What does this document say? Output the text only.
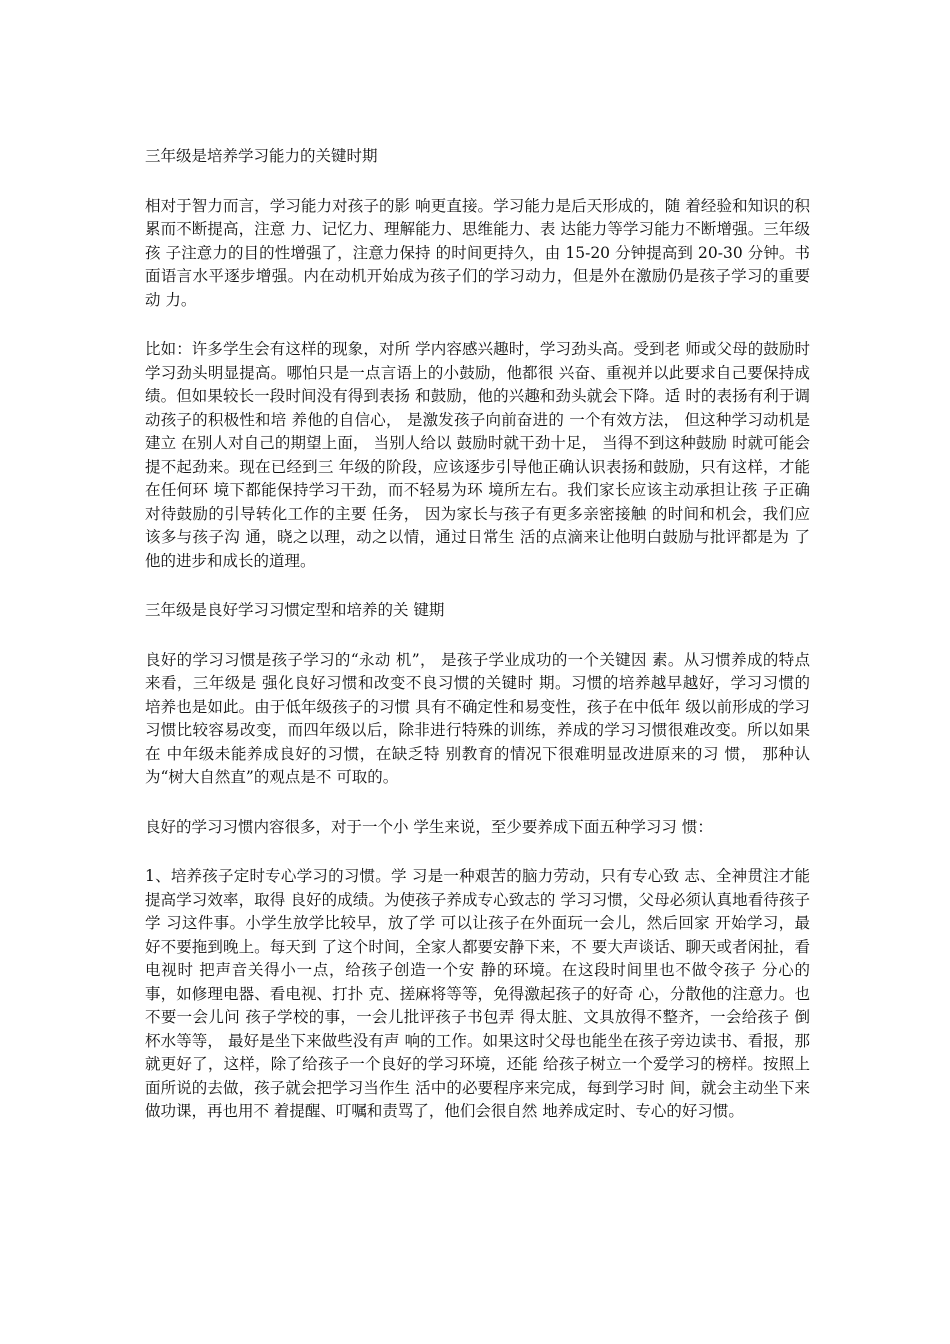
三年级是培养学习能力的关键时期

相对于智力而言，学习能力对孩子的影 响更直接。学习能力是后天形成的，随 着经验和知识的积累而不断提高，注意 力、记忆力、理解能力、思维能力、表 达能力等学习能力不断增强。三年级孩 子注意力的目的性增强了，注意力保持 的时间更持久，由 15-20 分钟提高到 20-30 分钟。书面语言水平逐步增强。内在动机开始成为孩子们的学习动力，但是外在激励仍是孩子学习的重要动 力。

比如：许多学生会有这样的现象，对所 学内容感兴趣时，学习劲头高。受到老 师或父母的鼓励时学习劲头明显提高。哪怕只是一点言语上的小鼓励，他都很 兴奋、重视并以此要求自己要保持成 绩。但如果较长一段时间没有得到表扬 和鼓励，他的兴趣和劲头就会下降。适 时的表扬有利于调动孩子的积极性和培 养他的自信心， 是激发孩子向前奋进的 一个有效方法， 但这种学习动机是建立 在别人对自己的期望上面， 当别人给以 鼓励时就干劲十足， 当得不到这种鼓励 时就可能会提不起劲来。现在已经到三 年级的阶段，应该逐步引导他正确认识表扬和鼓励，只有这样，才能在任何环 境下都能保持学习干劲，而不轻易为环 境所左右。我们家长应该主动承担让孩 子正确对待鼓励的引导转化工作的主要 任务， 因为家长与孩子有更多亲密接触 的时间和机会，我们应该多与孩子沟 通，晓之以理，动之以情，通过日常生 活的点滴来让他明白鼓励与批评都是为 了他的进步和成长的道理。

三年级是良好学习习惯定型和培养的关 键期

良好的学习习惯是孩子学习的“永动 机”， 是孩子学业成功的一个关键因 素。从习惯养成的特点来看，三年级是 强化良好习惯和改变不良习惯的关键时 期。习惯的培养越早越好，学习习惯的 培养也是如此。由于低年级孩子的习惯 具有不确定性和易变性，孩子在中低年 级以前形成的学习习惯比较容易改变，而四年级以后，除非进行特殊的训练，养成的学习习惯很难改变。所以如果在 中年级未能养成良好的习惯，在缺乏特 别教育的情况下很难明显改进原来的习 惯， 那种认为“树大自然直”的观点是不 可取的。

良好的学习习惯内容很多，对于一个小 学生来说，至少要养成下面五种学习习 惯：

1、培养孩子定时专心学习的习惯。学 习是一种艰苦的脑力劳动，只有专心致 志、全神贯注才能提高学习效率，取得 良好的成绩。为使孩子养成专心致志的 学习习惯，父母必须认真地看待孩子学 习这件事。小学生放学比较早，放了学 可以让孩子在外面玩一会儿，然后回家 开始学习，最好不要拖到晚上。每天到 了这个时间，全家人都要安静下来，不 要大声谈话、聊天或者闲扯，看电视时 把声音关得小一点，给孩子创造一个安 静的环境。在这段时间里也不做令孩子 分心的事，如修理电器、看电视、打扑 克、搓麻将等等，免得激起孩子的好奇 心，分散他的注意力。也不要一会儿问 孩子学校的事，一会儿批评孩子书包弄 得太脏、文具放得不整齐，一会给孩子 倒杯水等等， 最好是坐下来做些没有声 响的工作。如果这时父母也能坐在孩子旁边读书、看报，那就更好了，这样，除了给孩子一个良好的学习环境，还能 给孩子树立一个爱学习的榜样。按照上 面所说的去做，孩子就会把学习当作生 活中的必要程序来完成，每到学习时 间，就会主动坐下来做功课，再也用不 着提醒、叮嘱和责骂了，他们会很自然 地养成定时、专心的好习惯。
